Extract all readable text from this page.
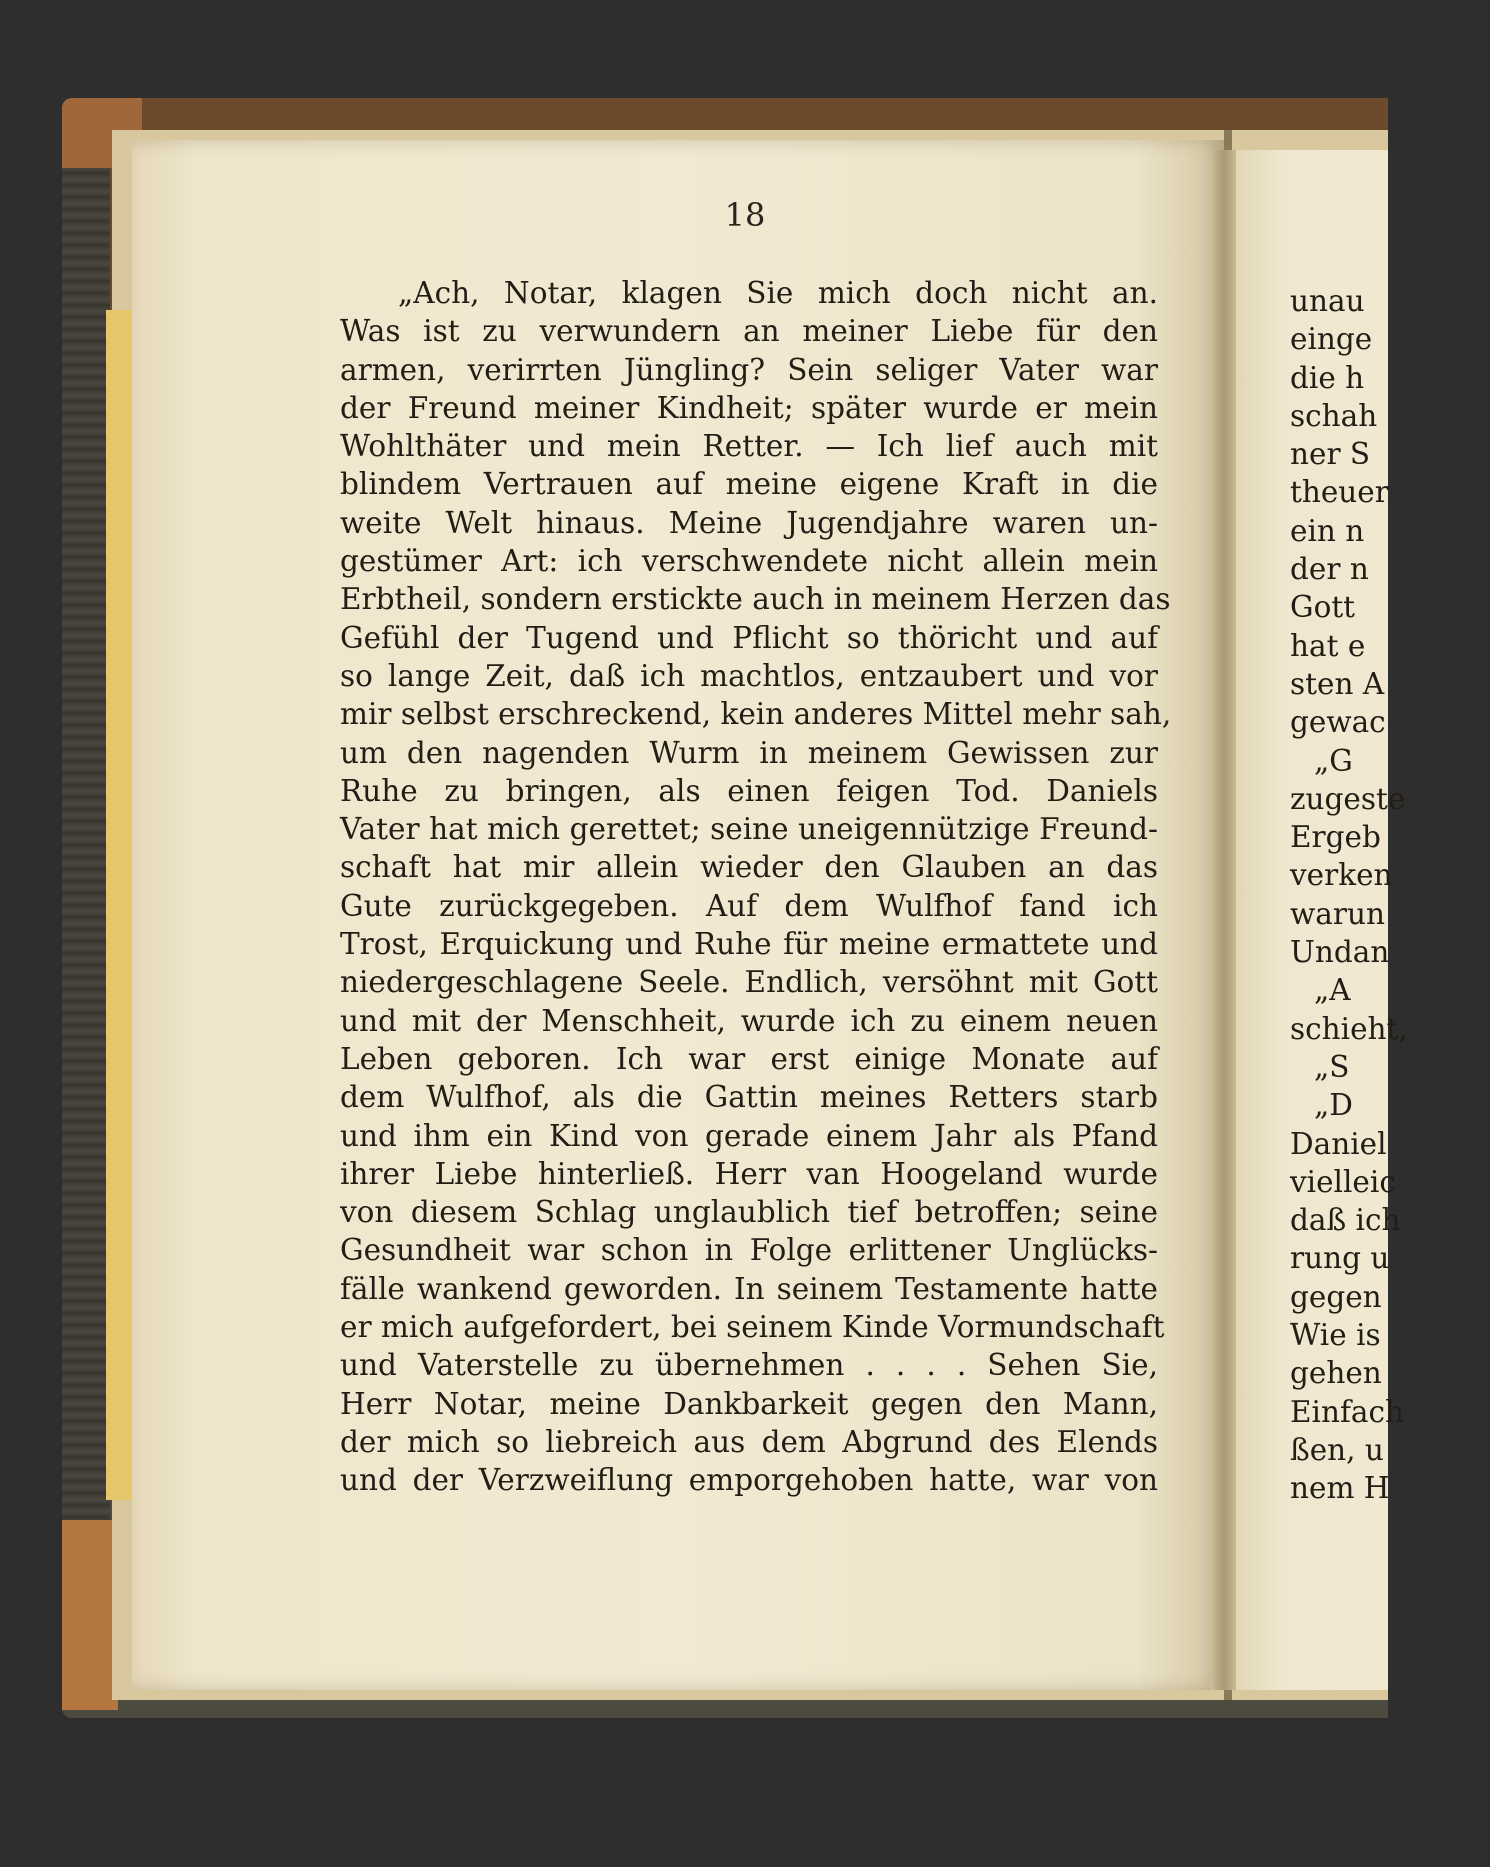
18

„Ach, Notar, klagen Sie mich doch nicht an.
Was ist zu verwundern an meiner Liebe für den
armen, verirrten Jüngling? Sein seliger Vater war
der Freund meiner Kindheit; später wurde er mein
Wohlthäter und mein Retter. — Ich lief auch mit
blindem Vertrauen auf meine eigene Kraft in die
weite Welt hinaus. Meine Jugendjahre waren un-
gestümer Art: ich verschwendete nicht allein mein
Erbtheil, sondern erstickte auch in meinem Herzen das
Gefühl der Tugend und Pflicht so thöricht und auf
so lange Zeit, daß ich machtlos, entzaubert und vor
mir selbst erschreckend, kein anderes Mittel mehr sah,
um den nagenden Wurm in meinem Gewissen zur
Ruhe zu bringen, als einen feigen Tod. Daniels
Vater hat mich gerettet; seine uneigennützige Freund-
schaft hat mir allein wieder den Glauben an das
Gute zurückgegeben. Auf dem Wulfhof fand ich
Trost, Erquickung und Ruhe für meine ermattete und
niedergeschlagene Seele. Endlich, versöhnt mit Gott
und mit der Menschheit, wurde ich zu einem neuen
Leben geboren. Ich war erst einige Monate auf
dem Wulfhof, als die Gattin meines Retters starb
und ihm ein Kind von gerade einem Jahr als Pfand
ihrer Liebe hinterließ. Herr van Hoogeland wurde
von diesem Schlag unglaublich tief betroffen; seine
Gesundheit war schon in Folge erlittener Unglücks-
fälle wankend geworden. In seinem Testamente hatte
er mich aufgefordert, bei seinem Kinde Vormundschaft
und Vaterstelle zu übernehmen . . . . Sehen Sie,
Herr Notar, meine Dankbarkeit gegen den Mann,
der mich so liebreich aus dem Abgrund des Elends
und der Verzweiflung emporgehoben hatte, war von
unau
einge
die h
schah
ner S
theuer
ein n
der n
Gott
hat e
sten A
gewac
„G
zugeste
Ergeb
verken
warun
Undan
„A
schieht,
„S
„D
Daniel
vielleic
daß ich
rung u
gegen
Wie is
gehen
Einfach
ßen, u
nem H
